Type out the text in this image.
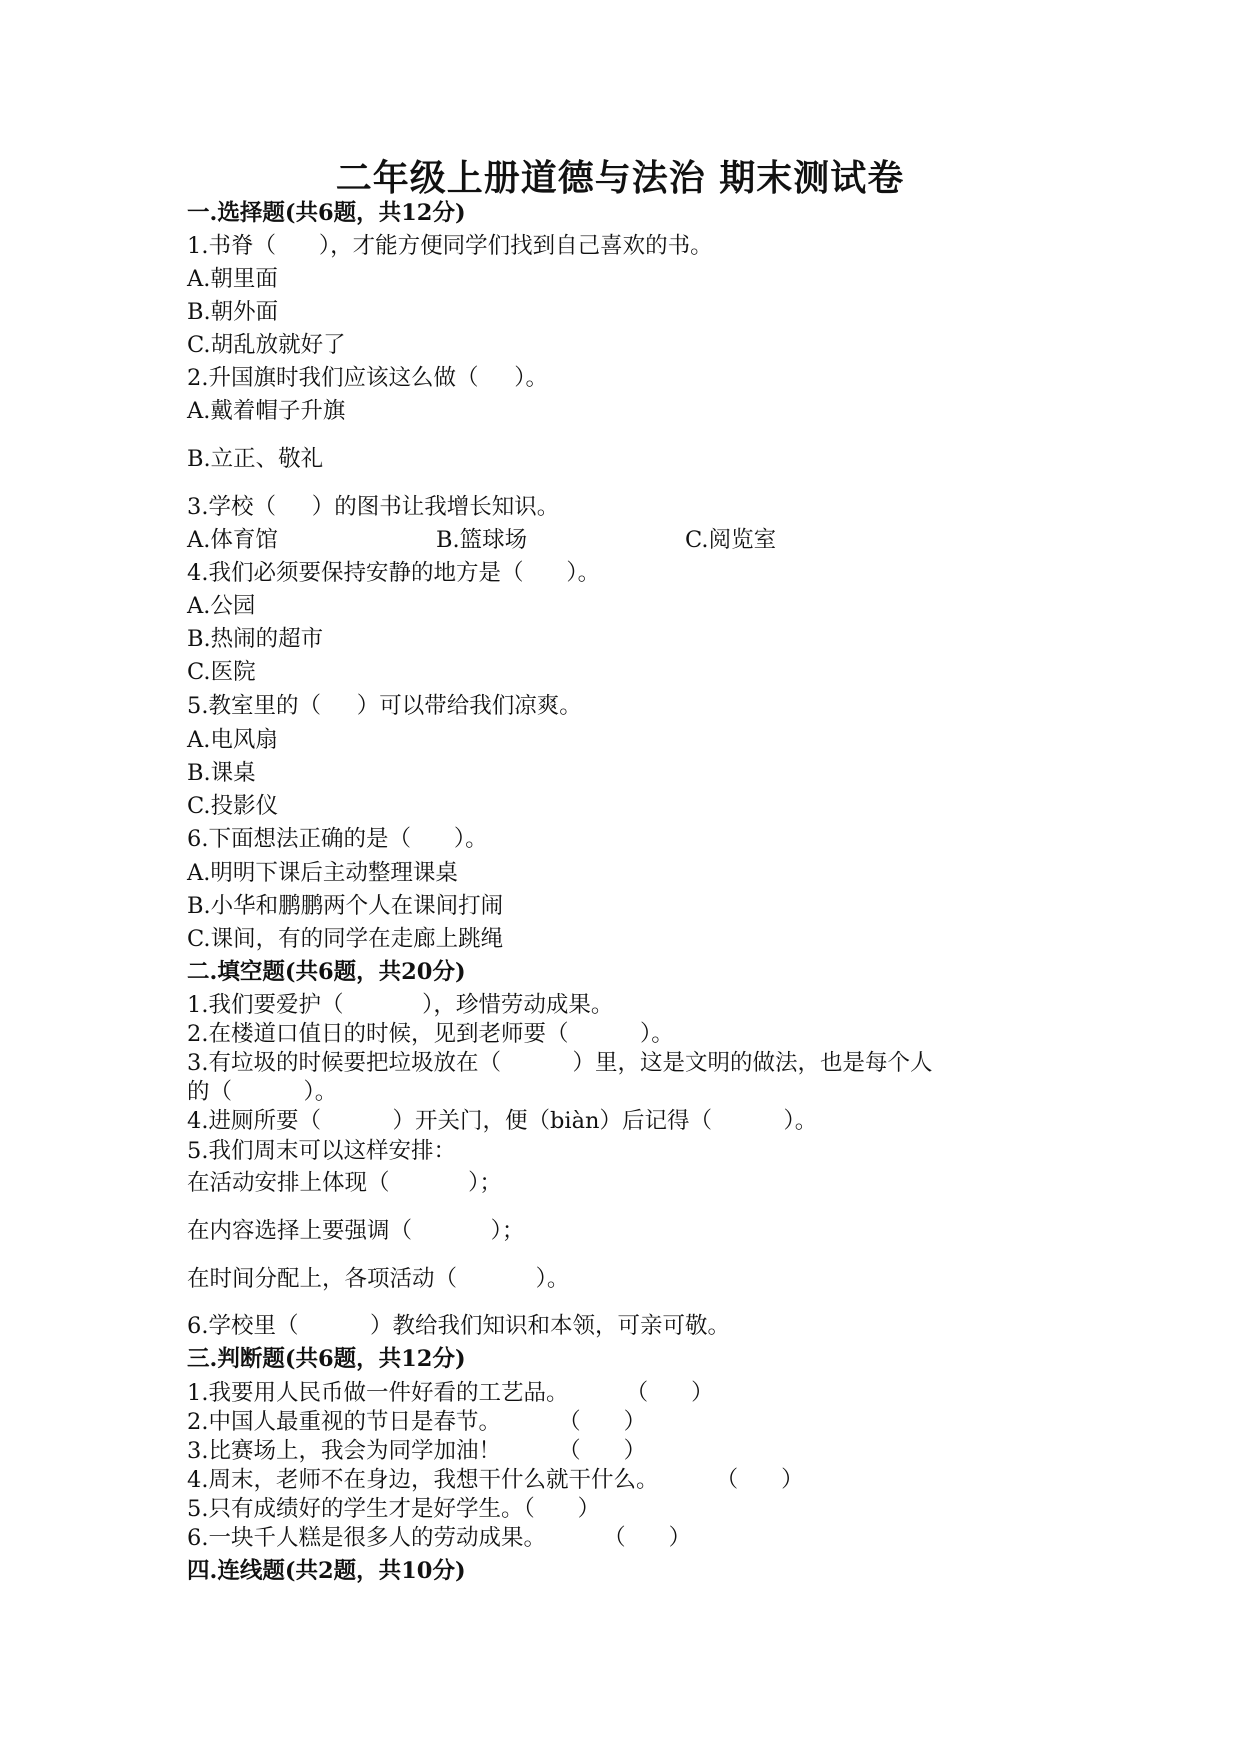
二年级上册道德与法治 期末测试卷
一.选择题(共6题，共12分)
1.书脊（      ），才能方便同学们找到自己喜欢的书。
A.朝里面
B.朝外面
C.胡乱放就好了
2.升国旗时我们应该这么做（     ）。
A.戴着帽子升旗
B.立正、敬礼
3.学校（     ）的图书让我增长知识。
A.体育馆	B.篮球场	C.阅览室
4.我们必须要保持安静的地方是（      ）。
A.公园
B.热闹的超市
C.医院
5.教室里的（     ）可以带给我们凉爽。
A.电风扇
B.课桌
C.投影仪
6.下面想法正确的是（      ）。
A.明明下课后主动整理课桌
B.小华和鹏鹏两个人在课间打闹
C.课间，有的同学在走廊上跳绳
二.填空题(共6题，共20分)
1.我们要爱护（           ），珍惜劳动成果。
2.在楼道口值日的时候，见到老师要（          ）。
3.有垃圾的时候要把垃圾放在（          ）里，这是文明的做法，也是每个人
的（          ）。
4.进厕所要（          ）开关门，便（biàn）后记得（          ）。
5.我们周末可以这样安排：
在活动安排上体现（           ）；
在内容选择上要强调（           ）；
在时间分配上，各项活动（           ）。
6.学校里（          ）教给我们知识和本领，可亲可敬。
三.判断题(共6题，共12分)
1.我要用人民币做一件好看的工艺品。        （      ）
2.中国人最重视的节日是春节。        （      ）
3.比赛场上，我会为同学加油！        （      ）
4.周末，老师不在身边，我想干什么就干什么。        （      ）
5.只有成绩好的学生才是好学生。（      ）
6.一块千人糕是很多人的劳动成果。        （      ）
四.连线题(共2题，共10分)
